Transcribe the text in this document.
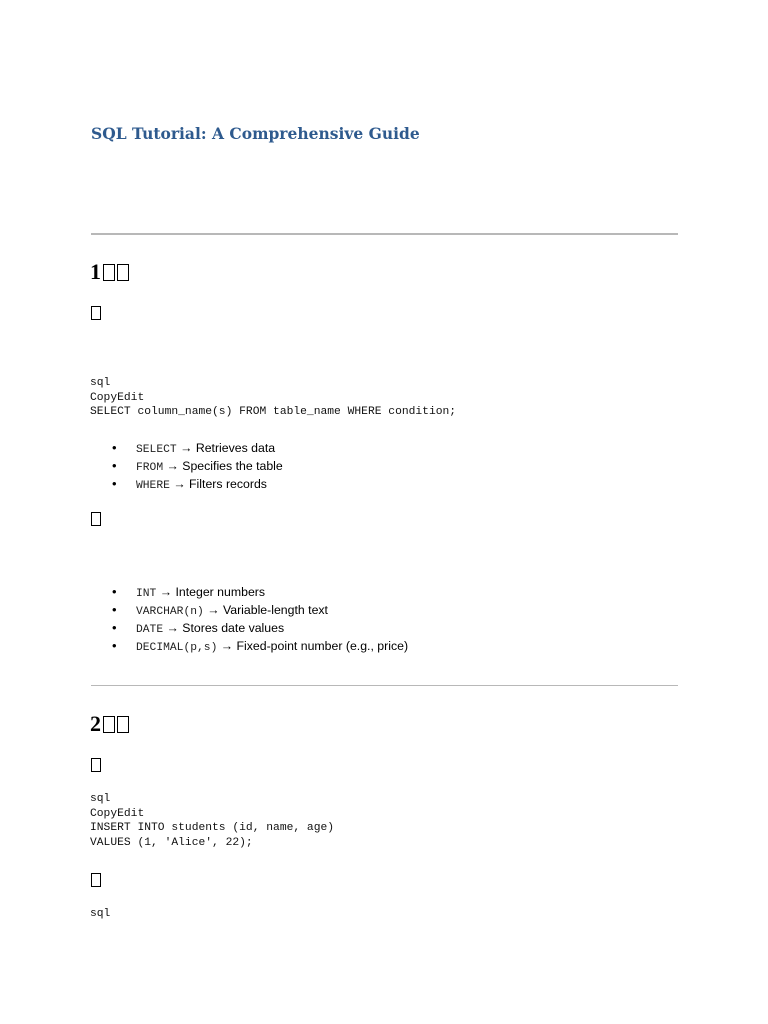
SQL Tutorial: A Comprehensive Guide
1
sql
CopyEdit
SELECT column_name(s) FROM table_name WHERE condition;
• SELECT → Retrieves data
• FROM → Specifies the table
• WHERE → Filters records
• INT → Integer numbers
• VARCHAR(n) → Variable-length text
• DATE → Stores date values
• DECIMAL(p,s) → Fixed-point number (e.g., price)
2
sql
CopyEdit
INSERT INTO students (id, name, age)
VALUES (1, 'Alice', 22);
sql
